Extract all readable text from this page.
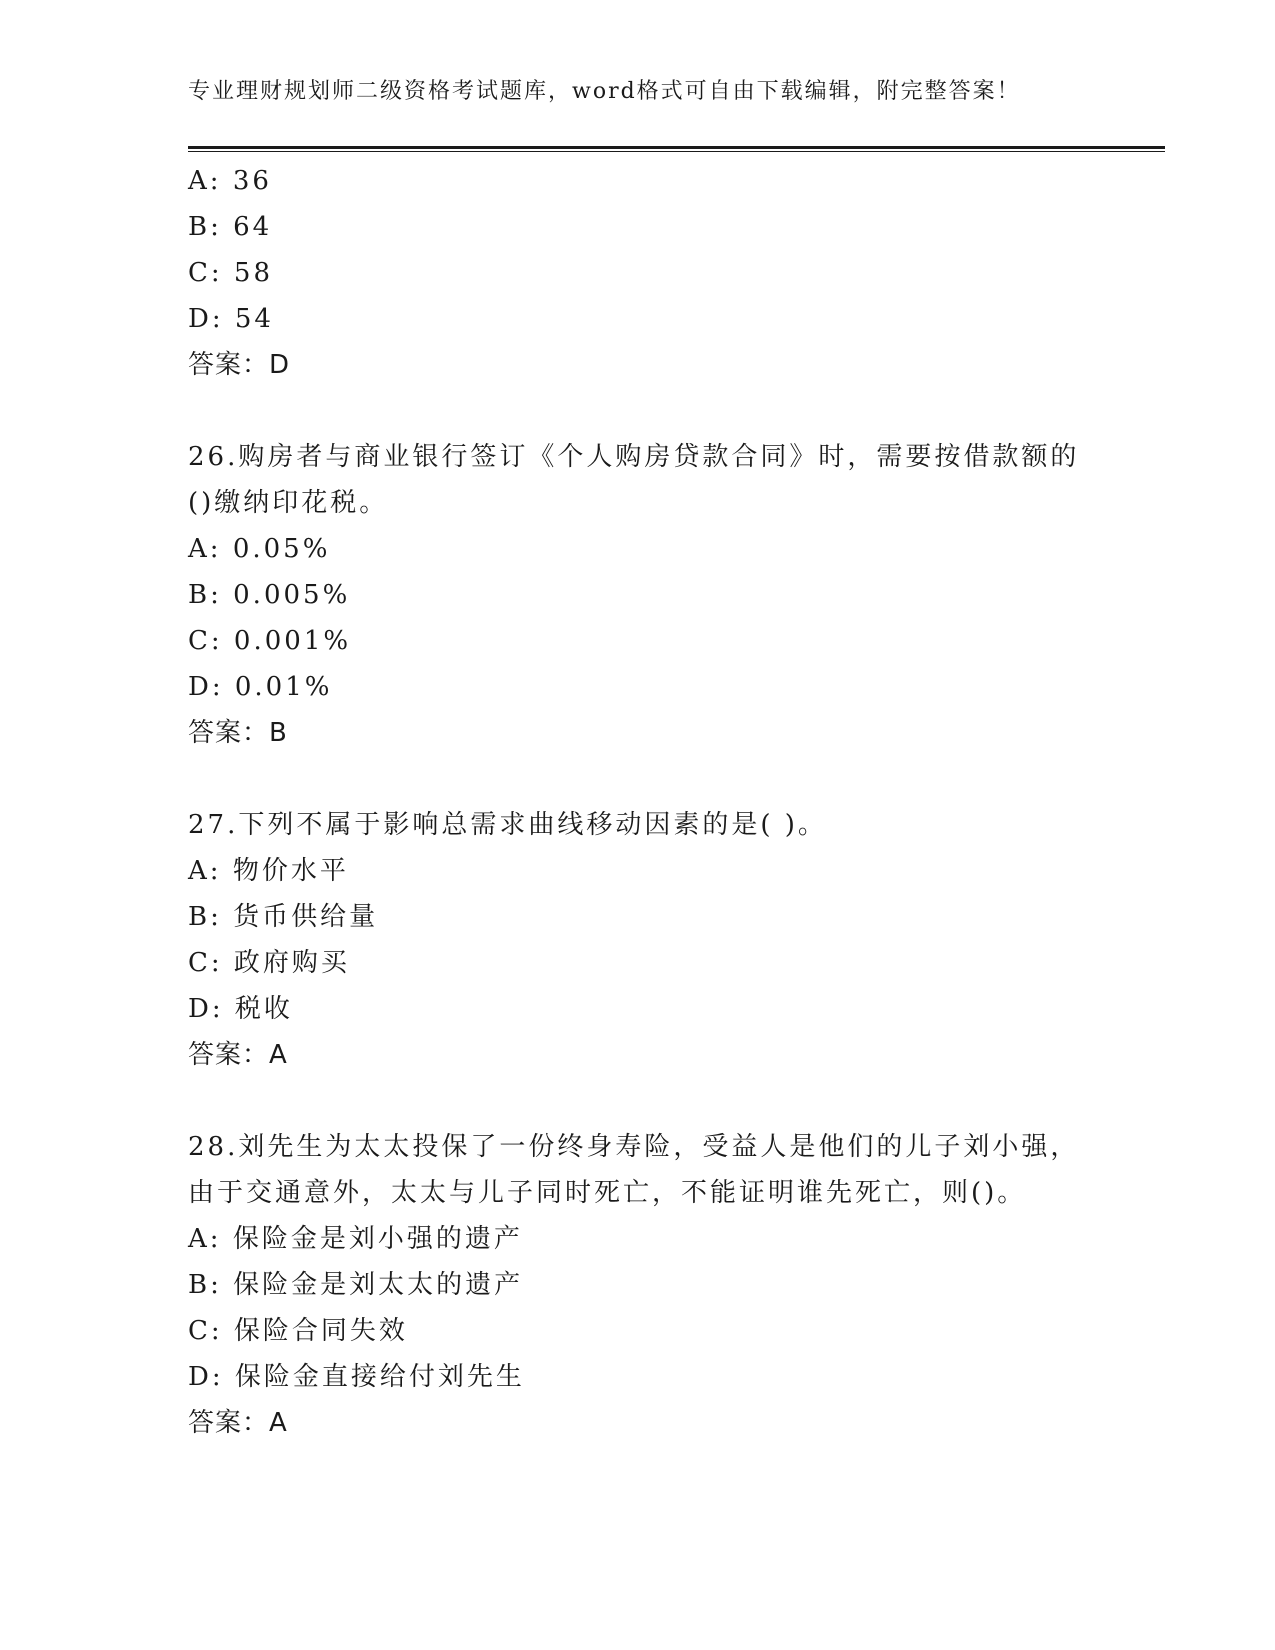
专业理财规划师二级资格考试题库，word格式可自由下载编辑，附完整答案！
A: 36
B: 64
C: 58
D: 54
答案：D
26.购房者与商业银行签订《个人购房贷款合同》时，需要按借款额的
()缴纳印花税。
A: 0.05%
B: 0.005%
C: 0.001%
D: 0.01%
答案：B
27.下列不属于影响总需求曲线移动因素的是( )。
A: 物价水平
B: 货币供给量
C: 政府购买
D: 税收
答案：A
28.刘先生为太太投保了一份终身寿险，受益人是他们的儿子刘小强，
由于交通意外，太太与儿子同时死亡，不能证明谁先死亡，则()。
A: 保险金是刘小强的遗产
B: 保险金是刘太太的遗产
C: 保险合同失效
D: 保险金直接给付刘先生
答案：A
